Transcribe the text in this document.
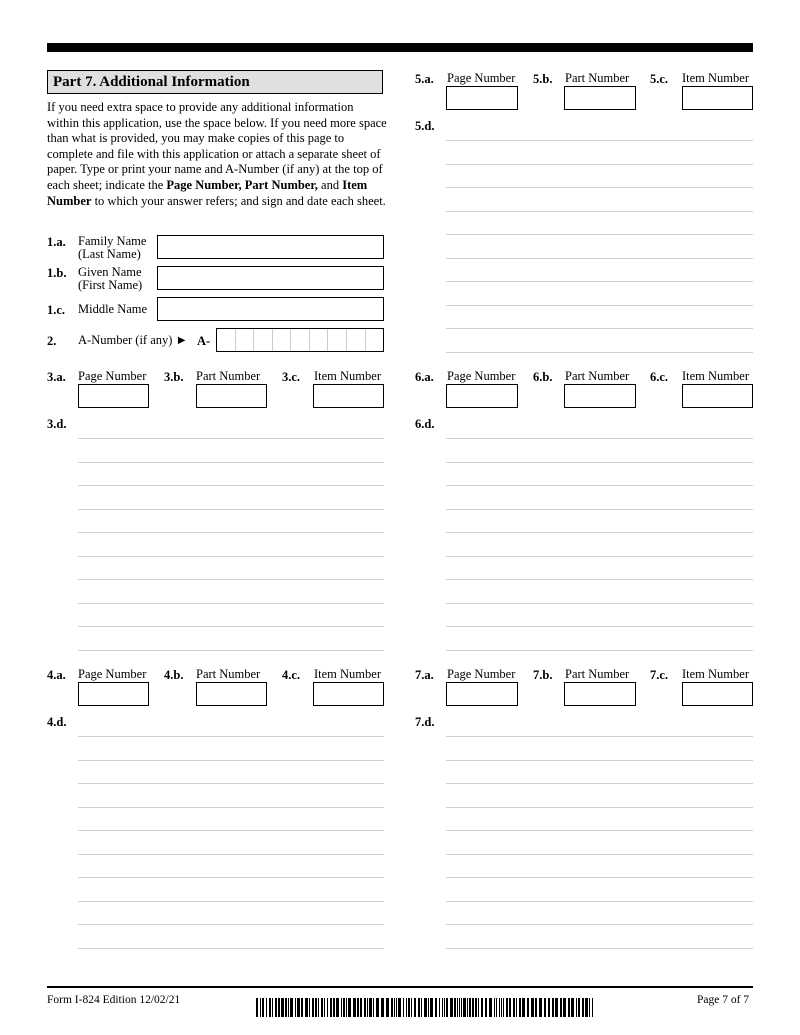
Part 7. Additional Information
If you need extra space to provide any additional information within this application, use the space below. If you need more space than what is provided, you may make copies of this page to complete and file with this application or attach a separate sheet of paper. Type or print your name and A-Number (if any) at the top of each sheet; indicate the Page Number, Part Number, and Item Number to which your answer refers; and sign and date each sheet.
1.a. Family Name
(Last Name)
1.b. Given Name
(First Name)
1.c. Middle Name
2. A-Number (if any) ► A-
3.a. Page Number 3.b. Part Number 3.c. Item Number
3.d.
4.a. Page Number 4.b. Part Number 4.c. Item Number
4.d.
5.a. Page Number 5.b. Part Number 5.c. Item Number
5.d.
6.a. Page Number 6.b. Part Number 6.c. Item Number
6.d.
7.a. Page Number 7.b. Part Number 7.c. Item Number
7.d.
Form I-824 Edition 12/02/21	Page 7 of 7
